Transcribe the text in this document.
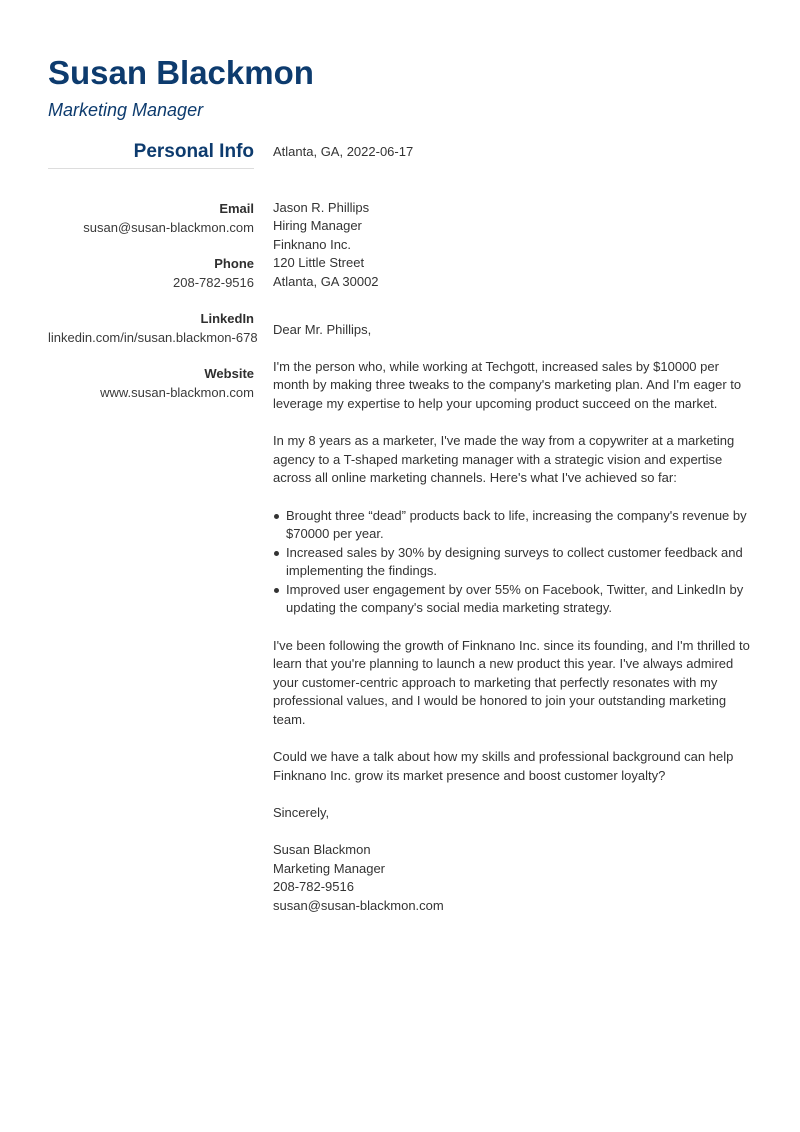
Susan Blackmon
Marketing Manager
Personal Info
Email
susan@susan-blackmon.com
Phone
208-782-9516
LinkedIn
linkedin.com/in/susan.blackmon-678
Website
www.susan-blackmon.com

Atlanta, GA, 2022-06-17

Jason R. Phillips
Hiring Manager
Finknano Inc.
120 Little Street
Atlanta, GA 30002

Dear Mr. Phillips,

I'm the person who, while working at Techgott, increased sales by $10000 per month by making three tweaks to the company's marketing plan. And I'm eager to leverage my expertise to help your upcoming product succeed on the market.

In my 8 years as a marketer, I've made the way from a copywriter at a marketing agency to a T-shaped marketing manager with a strategic vision and expertise across all online marketing channels. Here's what I've achieved so far:

Brought three “dead” products back to life, increasing the company's revenue by $70000 per year.
Increased sales by 30% by designing surveys to collect customer feedback and implementing the findings.
Improved user engagement by over 55% on Facebook, Twitter, and LinkedIn by updating the company's social media marketing strategy.

I've been following the growth of Finknano Inc. since its founding, and I'm thrilled to learn that you're planning to launch a new product this year. I've always admired your customer-centric approach to marketing that perfectly resonates with my professional values, and I would be honored to join your outstanding marketing team.

Could we have a talk about how my skills and professional background can help Finknano Inc. grow its market presence and boost customer loyalty?

Sincerely,

Susan Blackmon
Marketing Manager
208-782-9516
susan@susan-blackmon.com
